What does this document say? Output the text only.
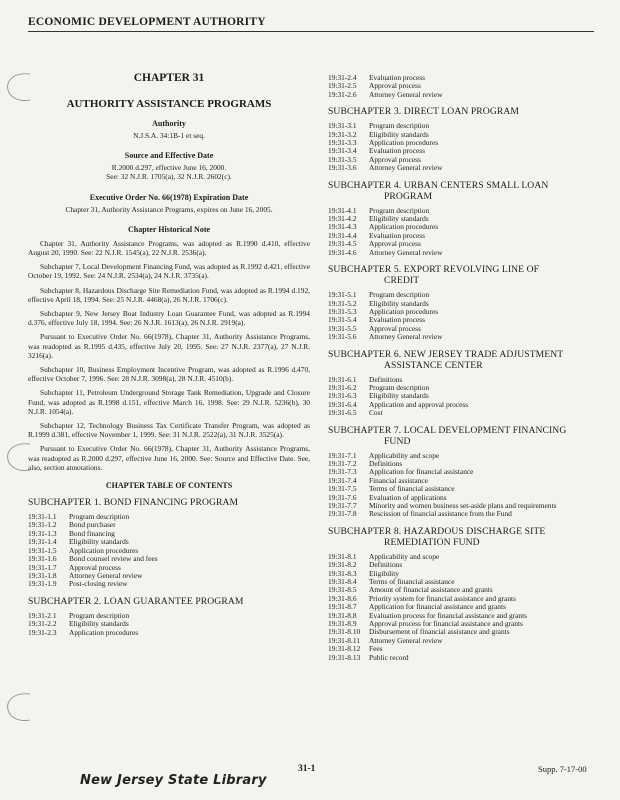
ECONOMIC DEVELOPMENT AUTHORITY
CHAPTER 31
AUTHORITY ASSISTANCE PROGRAMS
Authority
N.J.S.A. 34:1B-1 et seq.
Source and Effective Date
R.2000 d.297, effective June 16, 2000.
See: 32 N.J.R. 1705(a), 32 N.J.R. 2602(c).
Executive Order No. 66(1978) Expiration Date
Chapter 31, Authority Assistance Programs, expires on June 16, 2005.
Chapter Historical Note

Chapter 31, Authority Assistance Programs, was adopted as R.1990 d.410, effective August 20, 1990. See: 22 N.J.R. 1545(a), 22 N.J.R. 2536(a).

Subchapter 7, Local Development Financing Fund, was adopted as R.1992 d.421, effective October 19, 1992. See: 24 N.J.R. 2534(a), 24 N.J.R. 3735(a).

Subchapter 8, Hazardous Discharge Site Remediation Fund, was adopted as R.1994 d.192, effective April 18, 1994. See: 25 N.J.R. 4468(a), 26 N.J.R. 1706(c).

Subchapter 9, New Jersey Boat Industry Loan Guarantee Fund, was adopted as R.1994 d.376, effective July 18, 1994. See: 26 N.J.R. 1613(a), 26 N.J.R. 2919(a).

Pursuant to Executive Order No. 66(1978), Chapter 31, Authority Assistance Programs, was readopted as R.1995 d.435, effective July 20, 1995. See: 27 N.J.R. 2377(a), 27 N.J.R. 3216(a).

Subchapter 10, Business Employment Incentive Program, was adopted as R.1996 d.470, effective October 7, 1996. See: 28 N.J.R. 3098(a), 28 N.J.R. 4510(b).

Subchapter 11, Petroleum Underground Storage Tank Remediation, Upgrade and Closure Fund, was adopted as R.1998 d.151, effective March 16, 1998. See: 29 N.J.R. 5236(b), 30 N.J.R. 1054(a).

Subchapter 12, Technology Business Tax Certificate Transfer Program, was adopted as R.1999 d.381, effective November 1, 1999. See: 31 N.J.R. 2522(a), 31 N.J.R. 3525(a).

Pursuant to Executive Order No. 66(1978), Chapter 31, Authority Assistance Programs, was readopted as R.2000 d.297, effective June 16, 2000. See: Source and Effective Date. See, also, section annotations.

CHAPTER TABLE OF CONTENTS
SUBCHAPTER 1. BOND FINANCING PROGRAM
19:31-1.1	Program description
19:31-1.2	Bond purchaser
19:31-1.3	Bond financing
19:31-1.4	Eligibility standards
19:31-1.5	Application procedures
19:31-1.6	Bond counsel review and fees
19:31-1.7	Approval process
19:31-1.8	Attorney General review
19:31-1.9	Post-closing review
SUBCHAPTER 2. LOAN GUARANTEE PROGRAM
19:31-2.1	Program description
19:31-2.2	Eligibility standards
19:31-2.3	Application procedures
19:31-2.4	Evaluation process
19:31-2.5	Approval process
19:31-2.6	Attorney General review
SUBCHAPTER 3. DIRECT LOAN PROGRAM
19:31-3.1	Program description
19:31-3.2	Eligibility standards
19:31-3.3	Application procedures
19:31-3.4	Evaluation process
19:31-3.5	Approval process
19:31-3.6	Attorney General review
SUBCHAPTER 4. URBAN CENTERS SMALL LOAN
PROGRAM
19:31-4.1	Program description
19:31-4.2	Eligibility standards
19:31-4.3	Application procedures
19:31-4.4	Evaluation process
19:31-4.5	Approval process
19:31-4.6	Attorney General review
SUBCHAPTER 5. EXPORT REVOLVING LINE OF
CREDIT
19:31-5.1	Program description
19:31-5.2	Eligibility standards
19:31-5.3	Application procedures
19:31-5.4	Evaluation process
19:31-5.5	Approval process
19:31-5.6	Attorney General review
SUBCHAPTER 6. NEW JERSEY TRADE ADJUSTMENT
ASSISTANCE CENTER
19:31-6.1	Definitions
19:31-6.2	Program description
19:31-6.3	Eligibility standards
19:31-6.4	Application and approval process
19:31-6.5	Cost
SUBCHAPTER 7. LOCAL DEVELOPMENT FINANCING
FUND
19:31-7.1	Applicability and scope
19:31-7.2	Definitions
19:31-7.3	Application for financial assistance
19:31-7.4	Financial assistance
19:31-7.5	Terms of financial assistance
19:31-7.6	Evaluation of applications
19:31-7.7	Minority and women business set-aside plans and requirements
19:31-7.8	Rescission of financial assistance from the Fund
SUBCHAPTER 8. HAZARDOUS DISCHARGE SITE
REMEDIATION FUND
19:31-8.1	Applicability and scope
19:31-8.2	Definitions
19:31-8.3	Eligibility
19:31-8.4	Terms of financial assistance
19:31-8.5	Amount of financial assistance and grants
19:31-8.6	Priority system for financial assistance and grants
19:31-8.7	Application for financial assistance and grants
19:31-8.8	Evaluation process for financial assistance and grants
19:31-8.9	Approval process for financial assistance and grants
19:31-8.10	Disbursement of financial assistance and grants
19:31-8.11	Attorney General review
19:31-8.12	Fees
19:31-8.13	Public record
31-1	Supp. 7-17-00
New Jersey State Library
